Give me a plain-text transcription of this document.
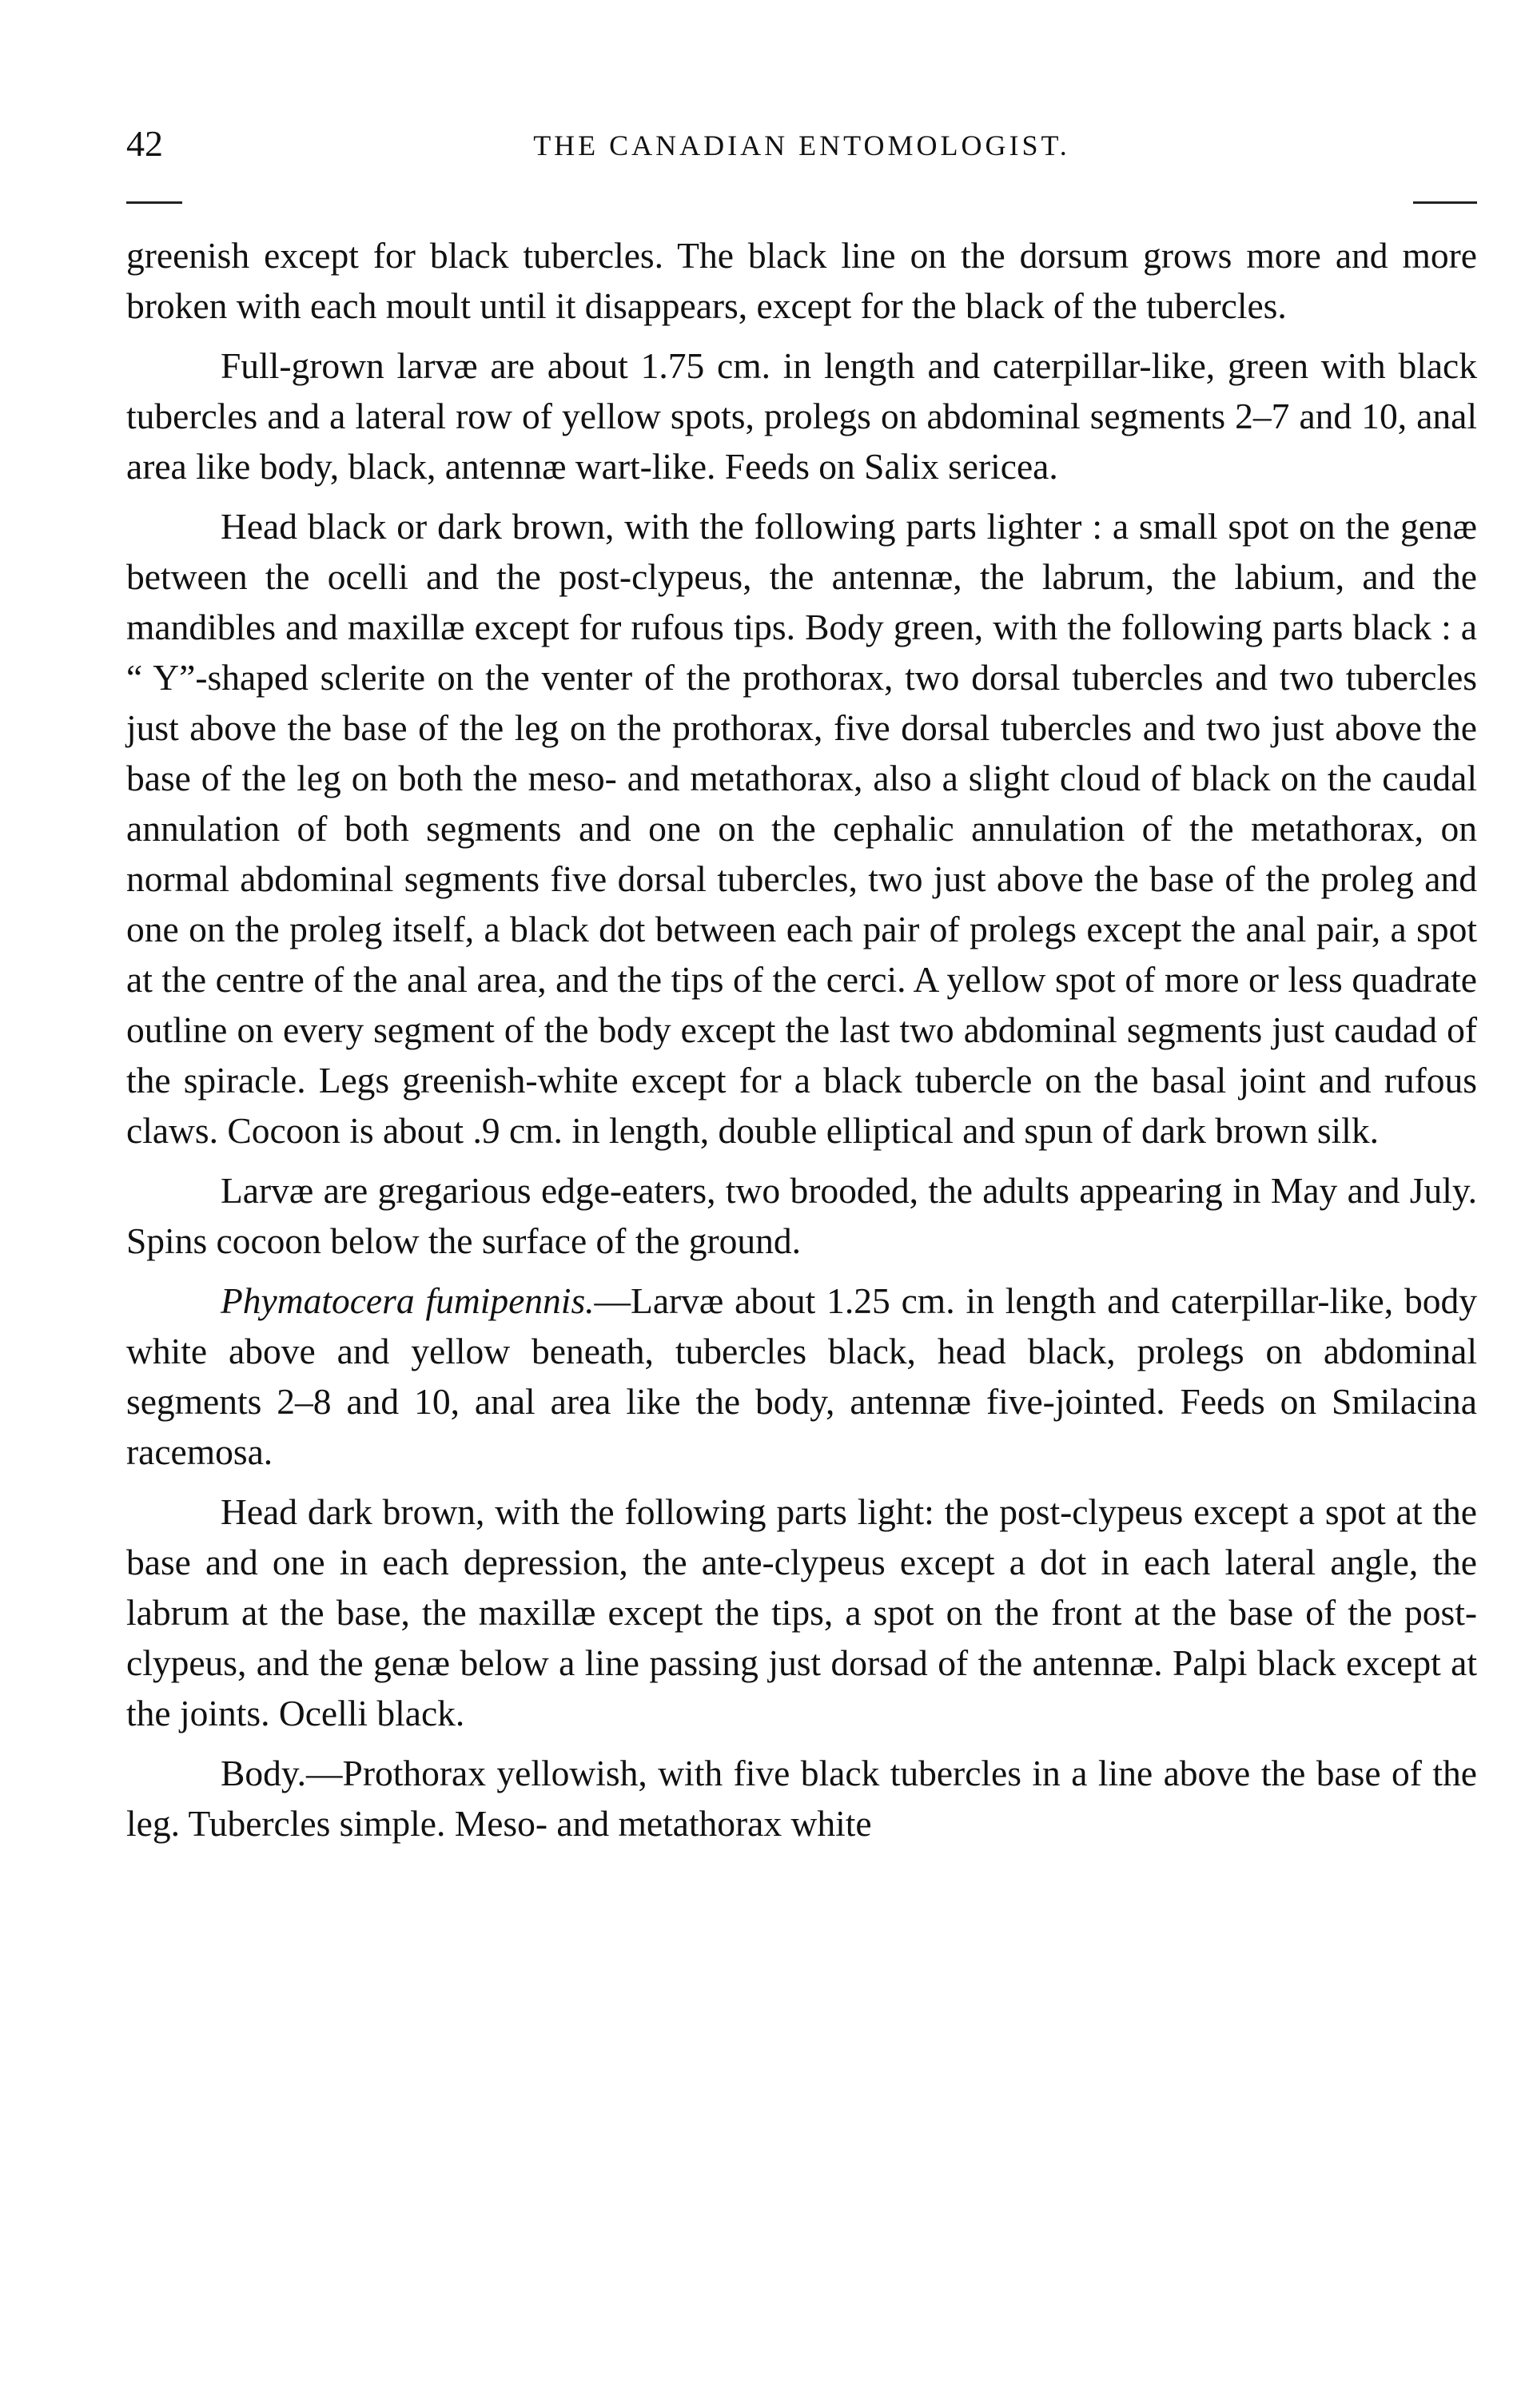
42	THE CANADIAN ENTOMOLOGIST.

greenish except for black tubercles. The black line on the dorsum grows more and more broken with each moult until it disappears, except for the black of the tubercles.

Full-grown larvæ are about 1.75 cm. in length and caterpillar-like, green with black tubercles and a lateral row of yellow spots, prolegs on abdominal segments 2–7 and 10, anal area like body, black, antennæ wart-like. Feeds on Salix sericea.

Head black or dark brown, with the following parts lighter : a small spot on the genæ between the ocelli and the post-clypeus, the antennæ, the labrum, the labium, and the mandibles and maxillæ except for rufous tips. Body green, with the following parts black : a “ Y”-shaped sclerite on the venter of the prothorax, two dorsal tubercles and two tubercles just above the base of the leg on the prothorax, five dorsal tubercles and two just above the base of the leg on both the meso- and metathorax, also a slight cloud of black on the caudal annulation of both segments and one on the cephalic annulation of the metathorax, on normal abdominal segments five dorsal tubercles, two just above the base of the proleg and one on the proleg itself, a black dot between each pair of prolegs except the anal pair, a spot at the centre of the anal area, and the tips of the cerci. A yellow spot of more or less quadrate outline on every segment of the body except the last two abdominal segments just caudad of the spiracle. Legs greenish-white except for a black tubercle on the basal joint and rufous claws. Cocoon is about .9 cm. in length, double elliptical and spun of dark brown silk.

Larvæ are gregarious edge-eaters, two brooded, the adults appearing in May and July. Spins cocoon below the surface of the ground.

Phymatocera fumipennis.—Larvæ about 1.25 cm. in length and caterpillar-like, body white above and yellow beneath, tubercles black, head black, prolegs on abdominal segments 2–8 and 10, anal area like the body, antennæ five-jointed. Feeds on Smilacina racemosa.

Head dark brown, with the following parts light: the post-clypeus except a spot at the base and one in each depression, the ante-clypeus except a dot in each lateral angle, the labrum at the base, the maxillæ except the tips, a spot on the front at the base of the post-clypeus, and the genæ below a line passing just dorsad of the antennæ. Palpi black except at the joints. Ocelli black.

Body.—Prothorax yellowish, with five black tubercles in a line above the base of the leg. Tubercles simple. Meso- and metathorax white
